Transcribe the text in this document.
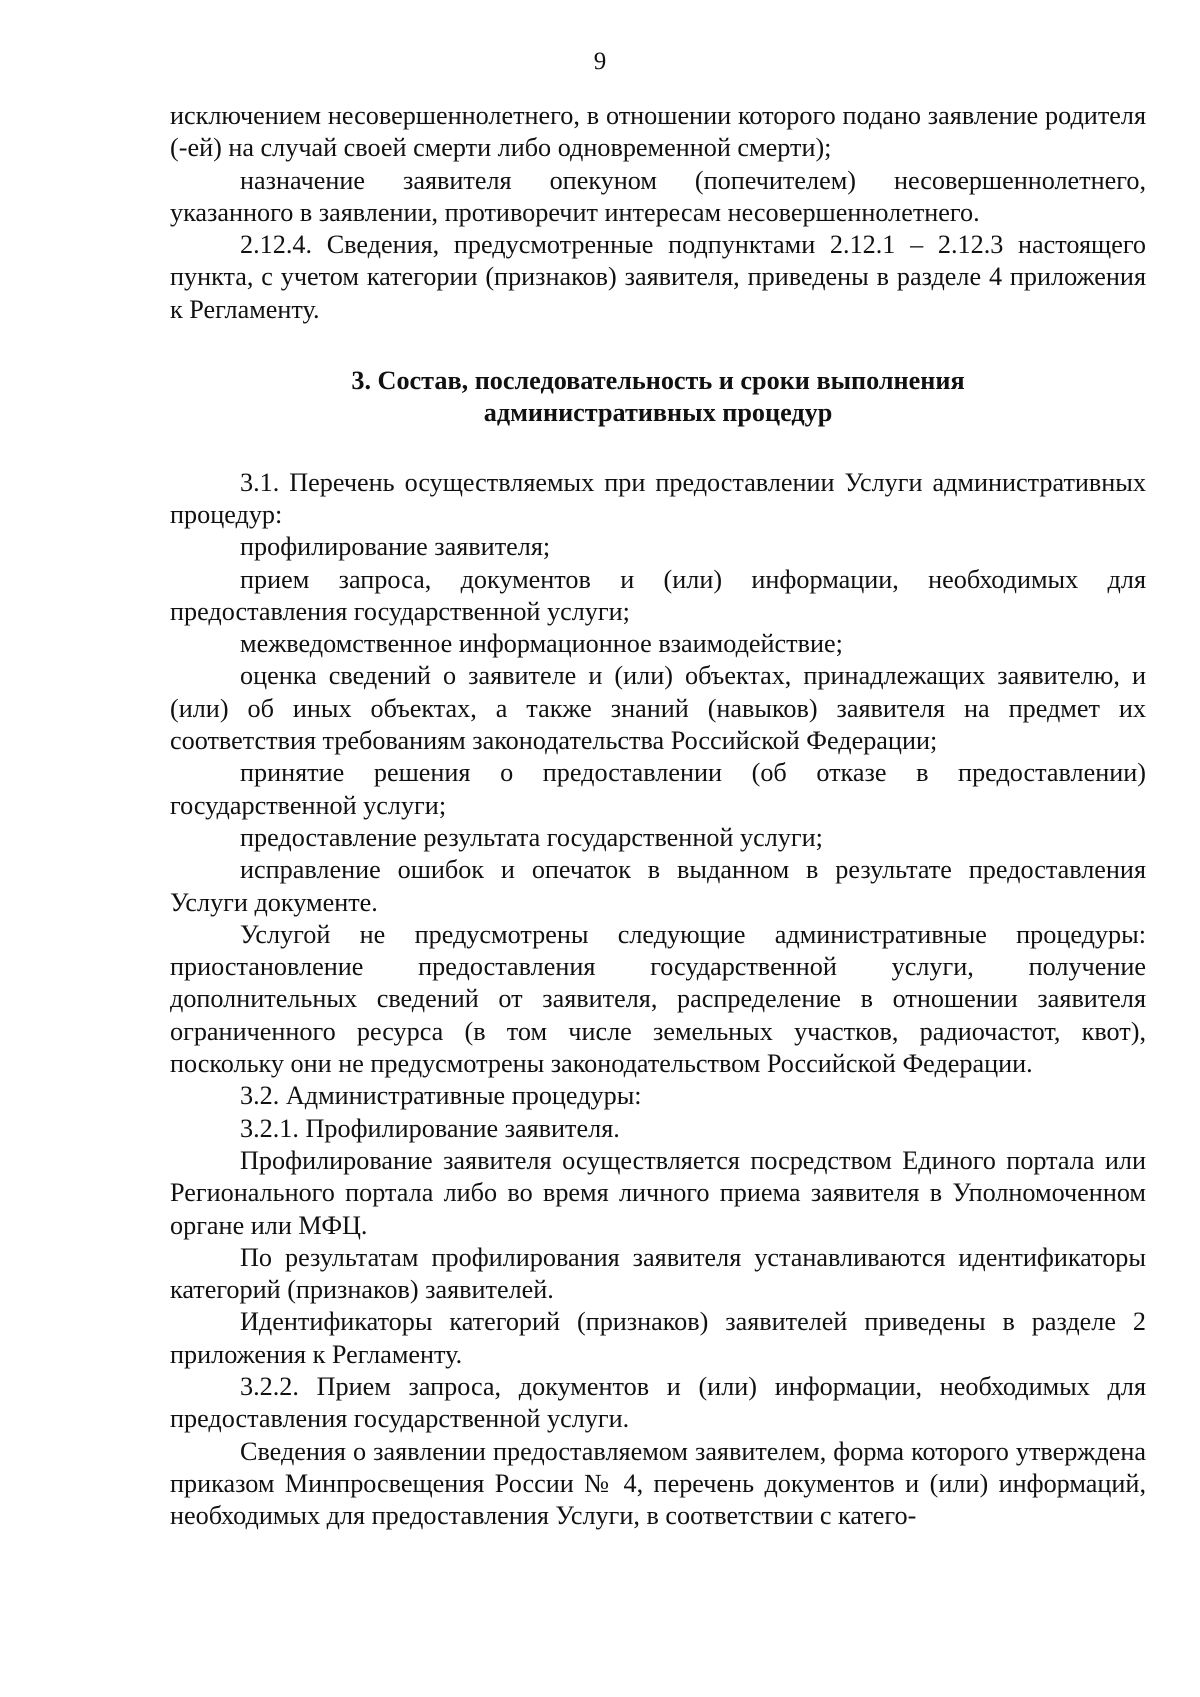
9

исключением несовершеннолетнего, в отношении которого подано заявление родителя (-ей) на случай своей смерти либо одновременной смерти);

назначение заявителя опекуном (попечителем) несовершеннолетнего, указанного в заявлении, противоречит интересам несовершеннолетнего.

2.12.4. Сведения, предусмотренные подпунктами 2.12.1 – 2.12.3 настоящего пункта, с учетом категории (признаков) заявителя, приведены в разделе 4 приложения к Регламенту.

3. Состав, последовательность и сроки выполнения
административных процедур

3.1. Перечень осуществляемых при предоставлении Услуги административных процедур:

профилирование заявителя;

прием запроса, документов и (или) информации, необходимых для предоставления государственной услуги;

межведомственное информационное взаимодействие;

оценка сведений о заявителе и (или) объектах, принадлежащих заявителю, и (или) об иных объектах, а также знаний (навыков) заявителя на предмет их соответствия требованиям законодательства Российской Федерации;

принятие решения о предоставлении (об отказе в предоставлении) государственной услуги;

предоставление результата государственной услуги;

исправление ошибок и опечаток в выданном в результате предоставления Услуги документе.

Услугой не предусмотрены следующие административные процедуры: приостановление предоставления государственной услуги, получение дополнительных сведений от заявителя, распределение в отношении заявителя ограниченного ресурса (в том числе земельных участков, радиочастот, квот), поскольку они не предусмотрены законодательством Российской Федерации.

3.2. Административные процедуры:

3.2.1. Профилирование заявителя.

Профилирование заявителя осуществляется посредством Единого портала или Регионального портала либо во время личного приема заявителя в Уполномоченном органе или МФЦ.

По результатам профилирования заявителя устанавливаются идентификаторы категорий (признаков) заявителей.

Идентификаторы категорий (признаков) заявителей приведены в разделе 2 приложения к Регламенту.

3.2.2. Прием запроса, документов и (или) информации, необходимых для предоставления государственной услуги.

Сведения о заявлении предоставляемом заявителем, форма которого утверждена приказом Минпросвещения России № 4, перечень документов и (или) информаций, необходимых для предоставления Услуги, в соответствии с катего-
